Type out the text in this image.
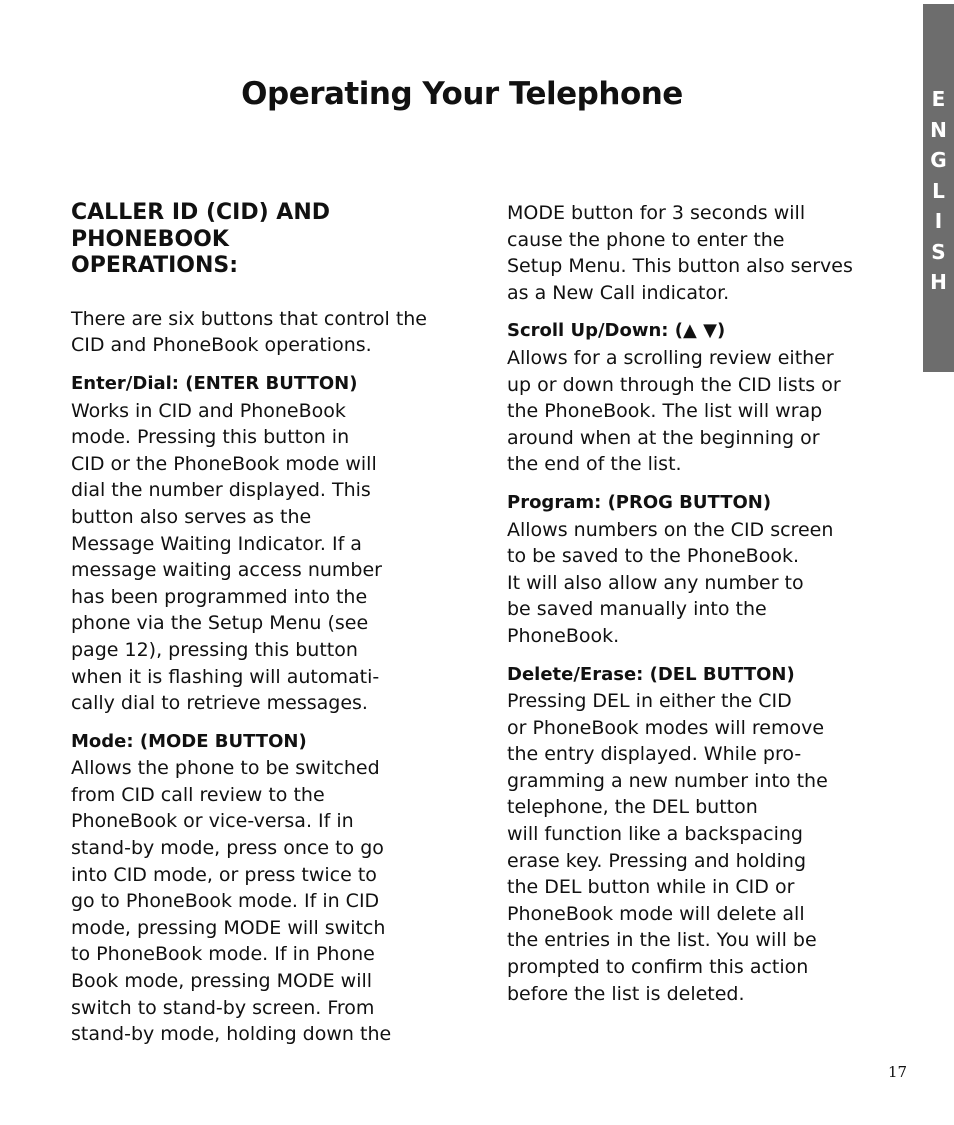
Operating Your Telephone	E
N
G
L
I
S
H
CALLER ID (CID) AND
PHONEBOOK
OPERATIONS:
There are six buttons that control the
CID and PhoneBook operations.
Enter/Dial: (ENTER BUTTON)
Works in CID and PhoneBook
mode. Pressing this button in
CID or the PhoneBook mode will
dial the number displayed. This
button also serves as the
Message Waiting Indicator. If a
message waiting access number
has been programmed into the
phone via the Setup Menu (see
page 12), pressing this button
when it is flashing will automati-
cally dial to retrieve messages.
Mode: (MODE BUTTON)
Allows the phone to be switched
from CID call review to the
PhoneBook or vice-versa. If in
stand-by mode, press once to go
into CID mode, or press twice to
go to PhoneBook mode. If in CID
mode, pressing MODE will switch
to PhoneBook mode. If in Phone
Book mode, pressing MODE will
switch to stand-by screen. From
stand-by mode, holding down the
MODE button for 3 seconds will
cause the phone to enter the
Setup Menu. This button also serves
as a New Call indicator.
Scroll Up/Down: (▲ ▼)
Allows for a scrolling review either
up or down through the CID lists or
the PhoneBook. The list will wrap
around when at the beginning or
the end of the list.
Program: (PROG BUTTON)
Allows numbers on the CID screen
to be saved to the PhoneBook.
It will also allow any number to
be saved manually into the
PhoneBook.
Delete/Erase: (DEL BUTTON)
Pressing DEL in either the CID
or PhoneBook modes will remove
the entry displayed. While pro-
gramming a new number into the
telephone, the DEL button
will function like a backspacing
erase key. Pressing and holding
the DEL button while in CID or
PhoneBook mode will delete all
the entries in the list. You will be
prompted to confirm this action
before the list is deleted.
17
